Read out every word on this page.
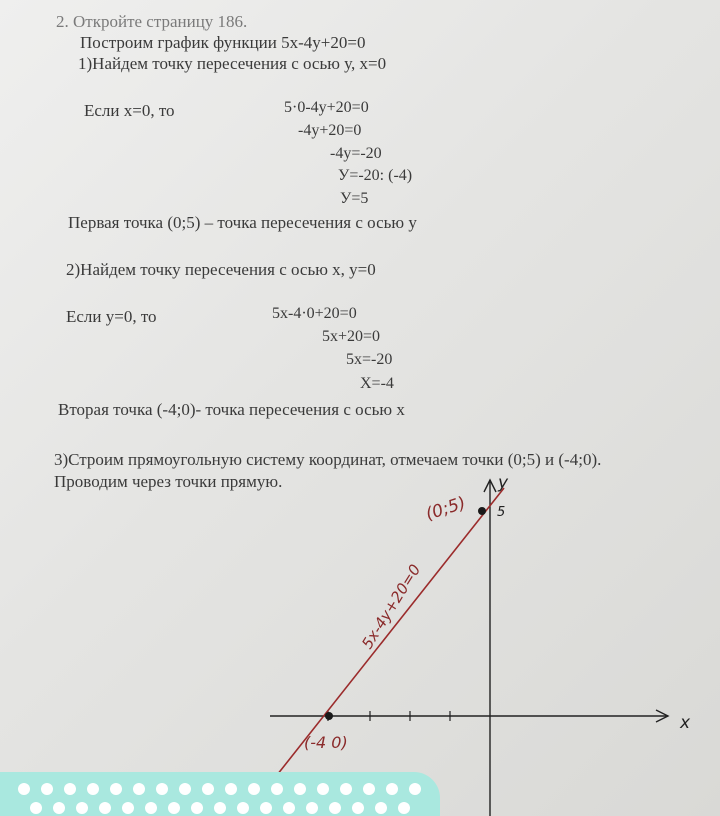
2. Откройте страницу 186.
Построим график функции 5х-4у+20=0
1)Найдем точку пересечения с осью у, х=0
Если х=0, то	5·0-4у+20=0
-4у+20=0
-4у=-20
У=-20: (-4)
У=5
Первая точка (0;5) – точка пересечения с осью у
2)Найдем точку пересечения с осью х, у=0
Если у=0, то	5х-4·0+20=0
5х+20=0
5х=-20
Х=-4
Вторая точка (-4;0)- точка пересечения с осью х
3)Строим прямоугольную систему координат, отмечаем точки (0;5) и (-4;0).
Проводим через точки прямую.
(0;5)
(-4 0)
5
у
х
5х-4у+20=0
